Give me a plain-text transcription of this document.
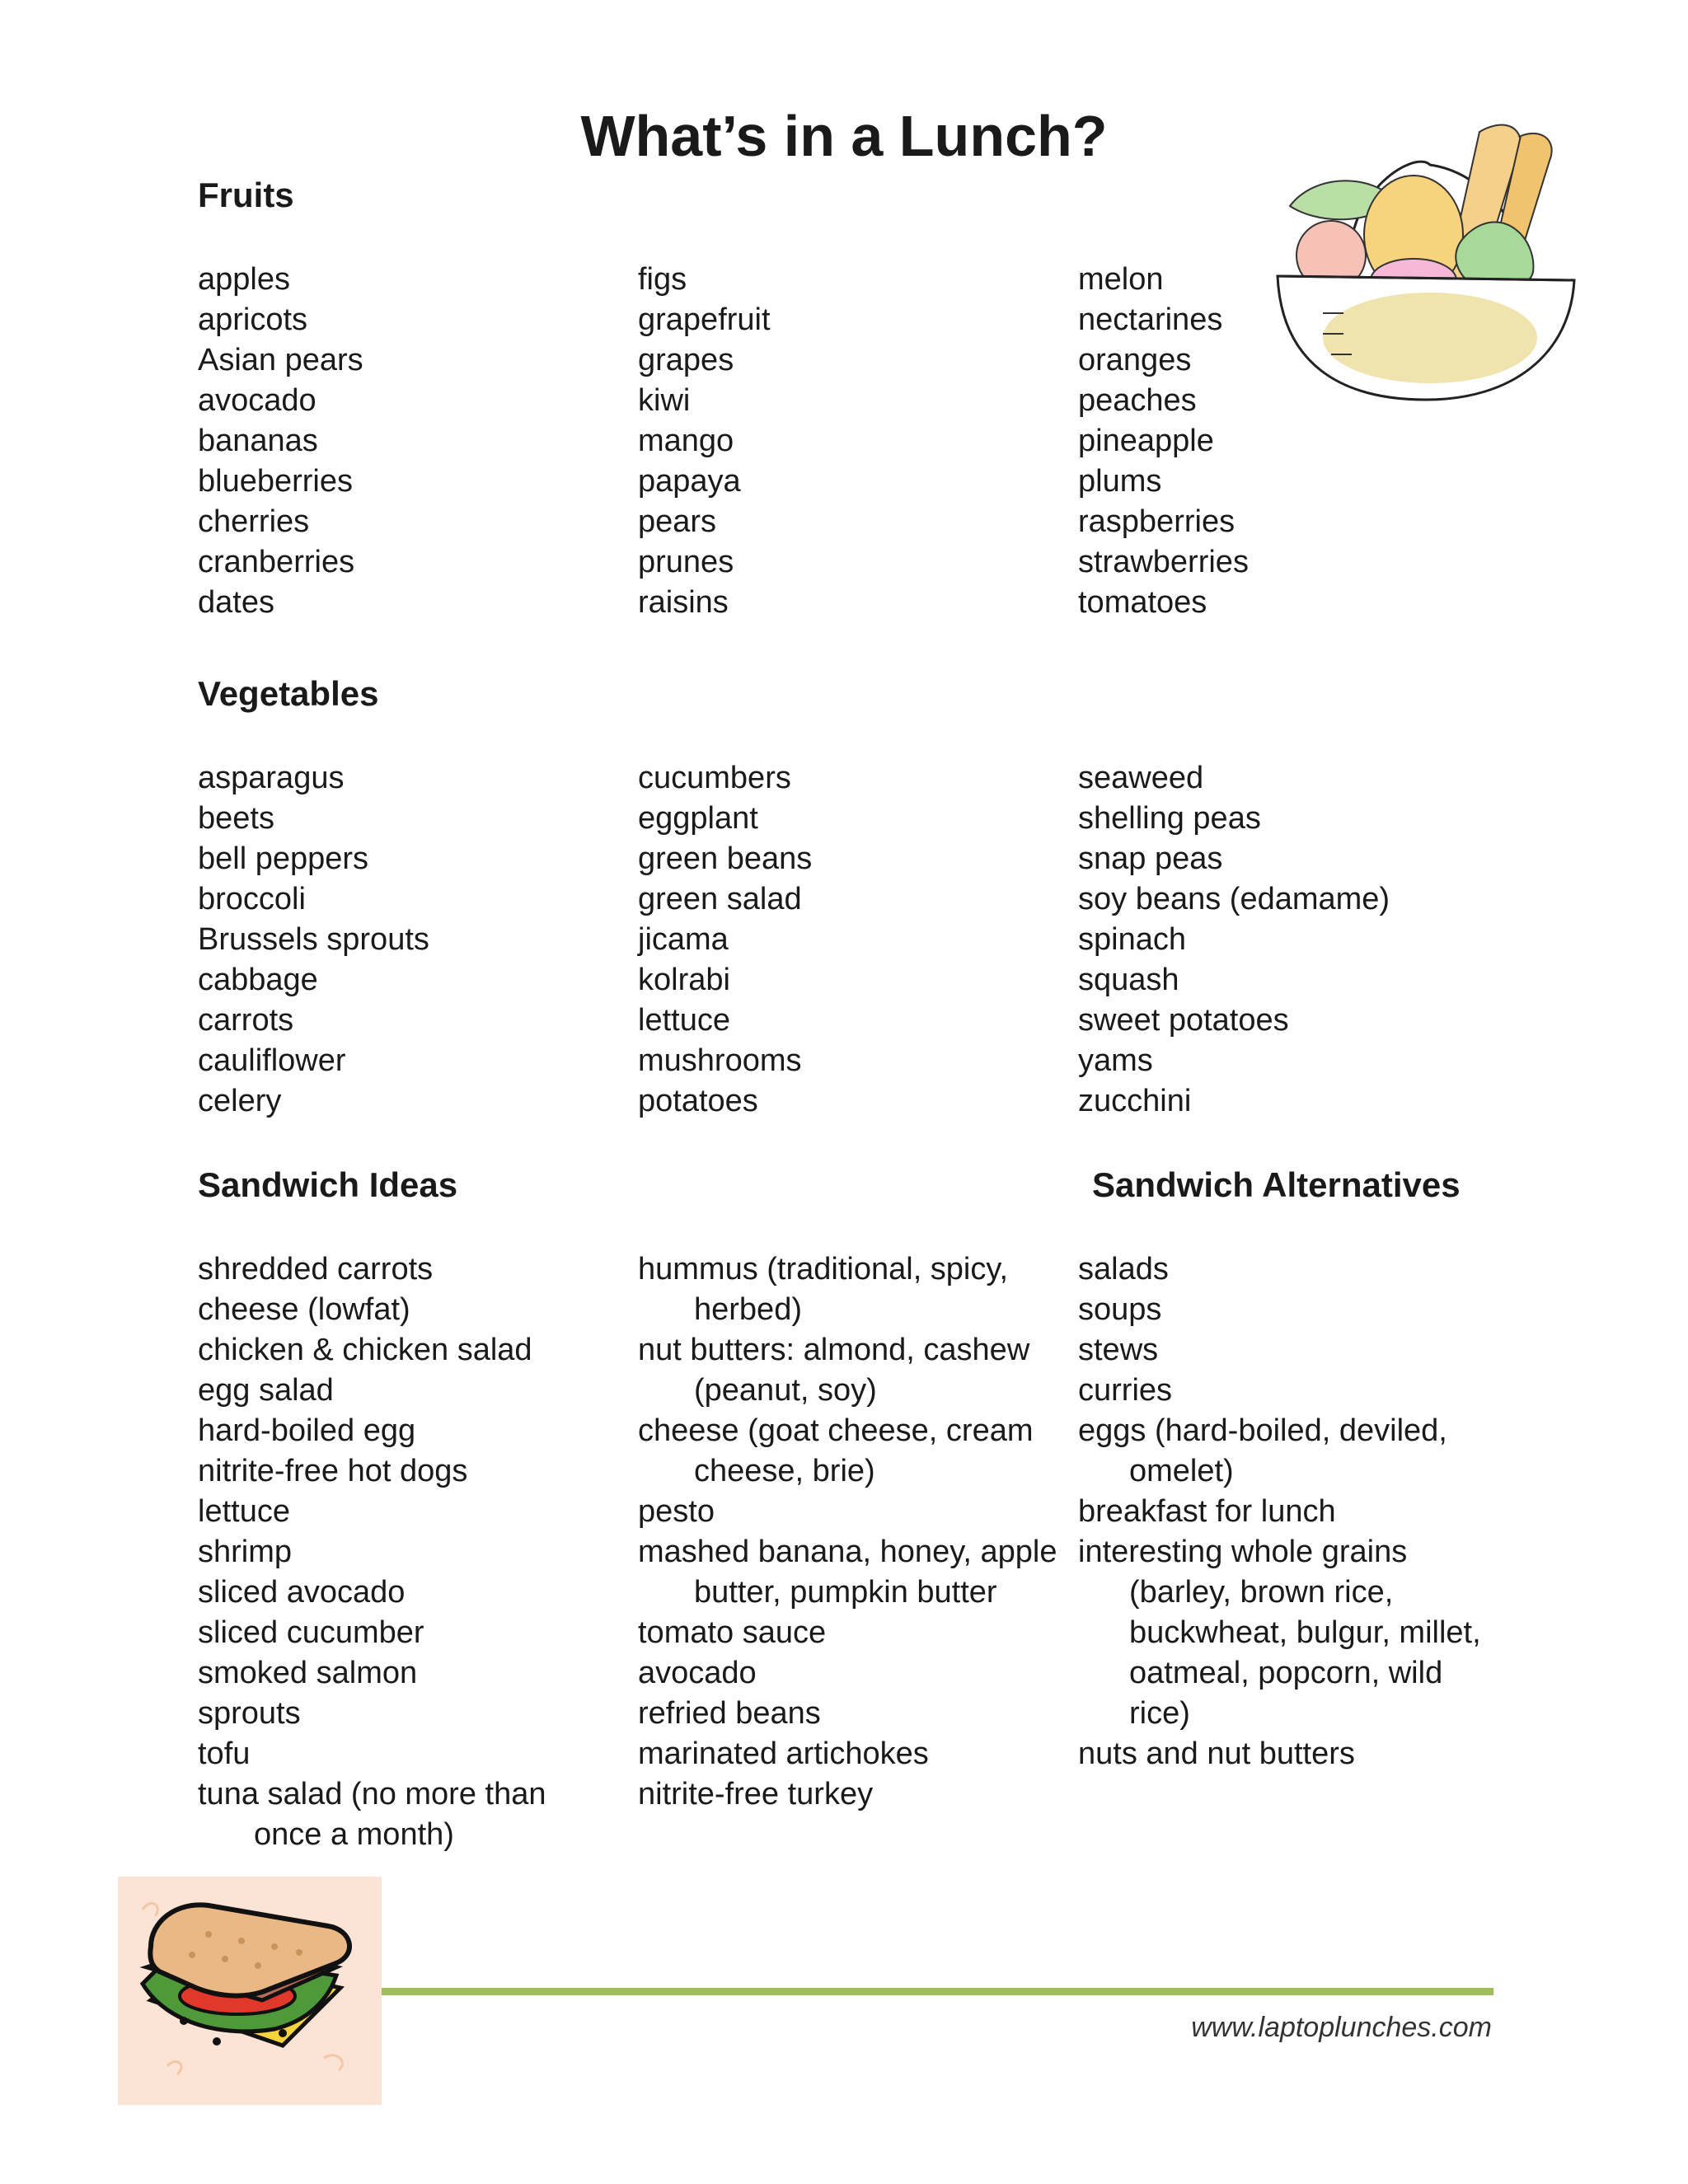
What’s in a Lunch?
Fruits
apples
apricots
Asian pears
avocado
bananas
blueberries
cherries
cranberries
dates
figs
grapefruit
grapes
kiwi
mango
papaya
pears
prunes
raisins
melon
nectarines
oranges
peaches
pineapple
plums
raspberries
strawberries
tomatoes
Vegetables
asparagus
beets
bell peppers
broccoli
Brussels sprouts
cabbage
carrots
cauliflower
celery
cucumbers
eggplant
green beans
green salad
jicama
kolrabi
lettuce
mushrooms
potatoes
seaweed
shelling peas
snap peas
soy beans (edamame)
spinach
squash
sweet potatoes
yams
zucchini
Sandwich Ideas	Sandwich Alternatives
shredded carrots
cheese (lowfat)
chicken & chicken salad
egg salad
hard-boiled egg
nitrite-free hot dogs
lettuce
shrimp
sliced avocado
sliced cucumber
smoked salmon
sprouts
tofu
tuna salad (no more than
once a month)
hummus (traditional, spicy,
herbed)
nut butters: almond, cashew
(peanut, soy)
cheese (goat cheese, cream
cheese, brie)
pesto
mashed banana, honey, apple
butter, pumpkin butter
tomato sauce
avocado
refried beans
marinated artichokes
nitrite-free turkey
salads
soups
stews
curries
eggs (hard-boiled, deviled,
omelet)
breakfast for lunch
interesting whole grains
(barley, brown rice,
buckwheat, bulgur, millet,
oatmeal, popcorn, wild
rice)
nuts and nut butters
www.laptoplunches.com
